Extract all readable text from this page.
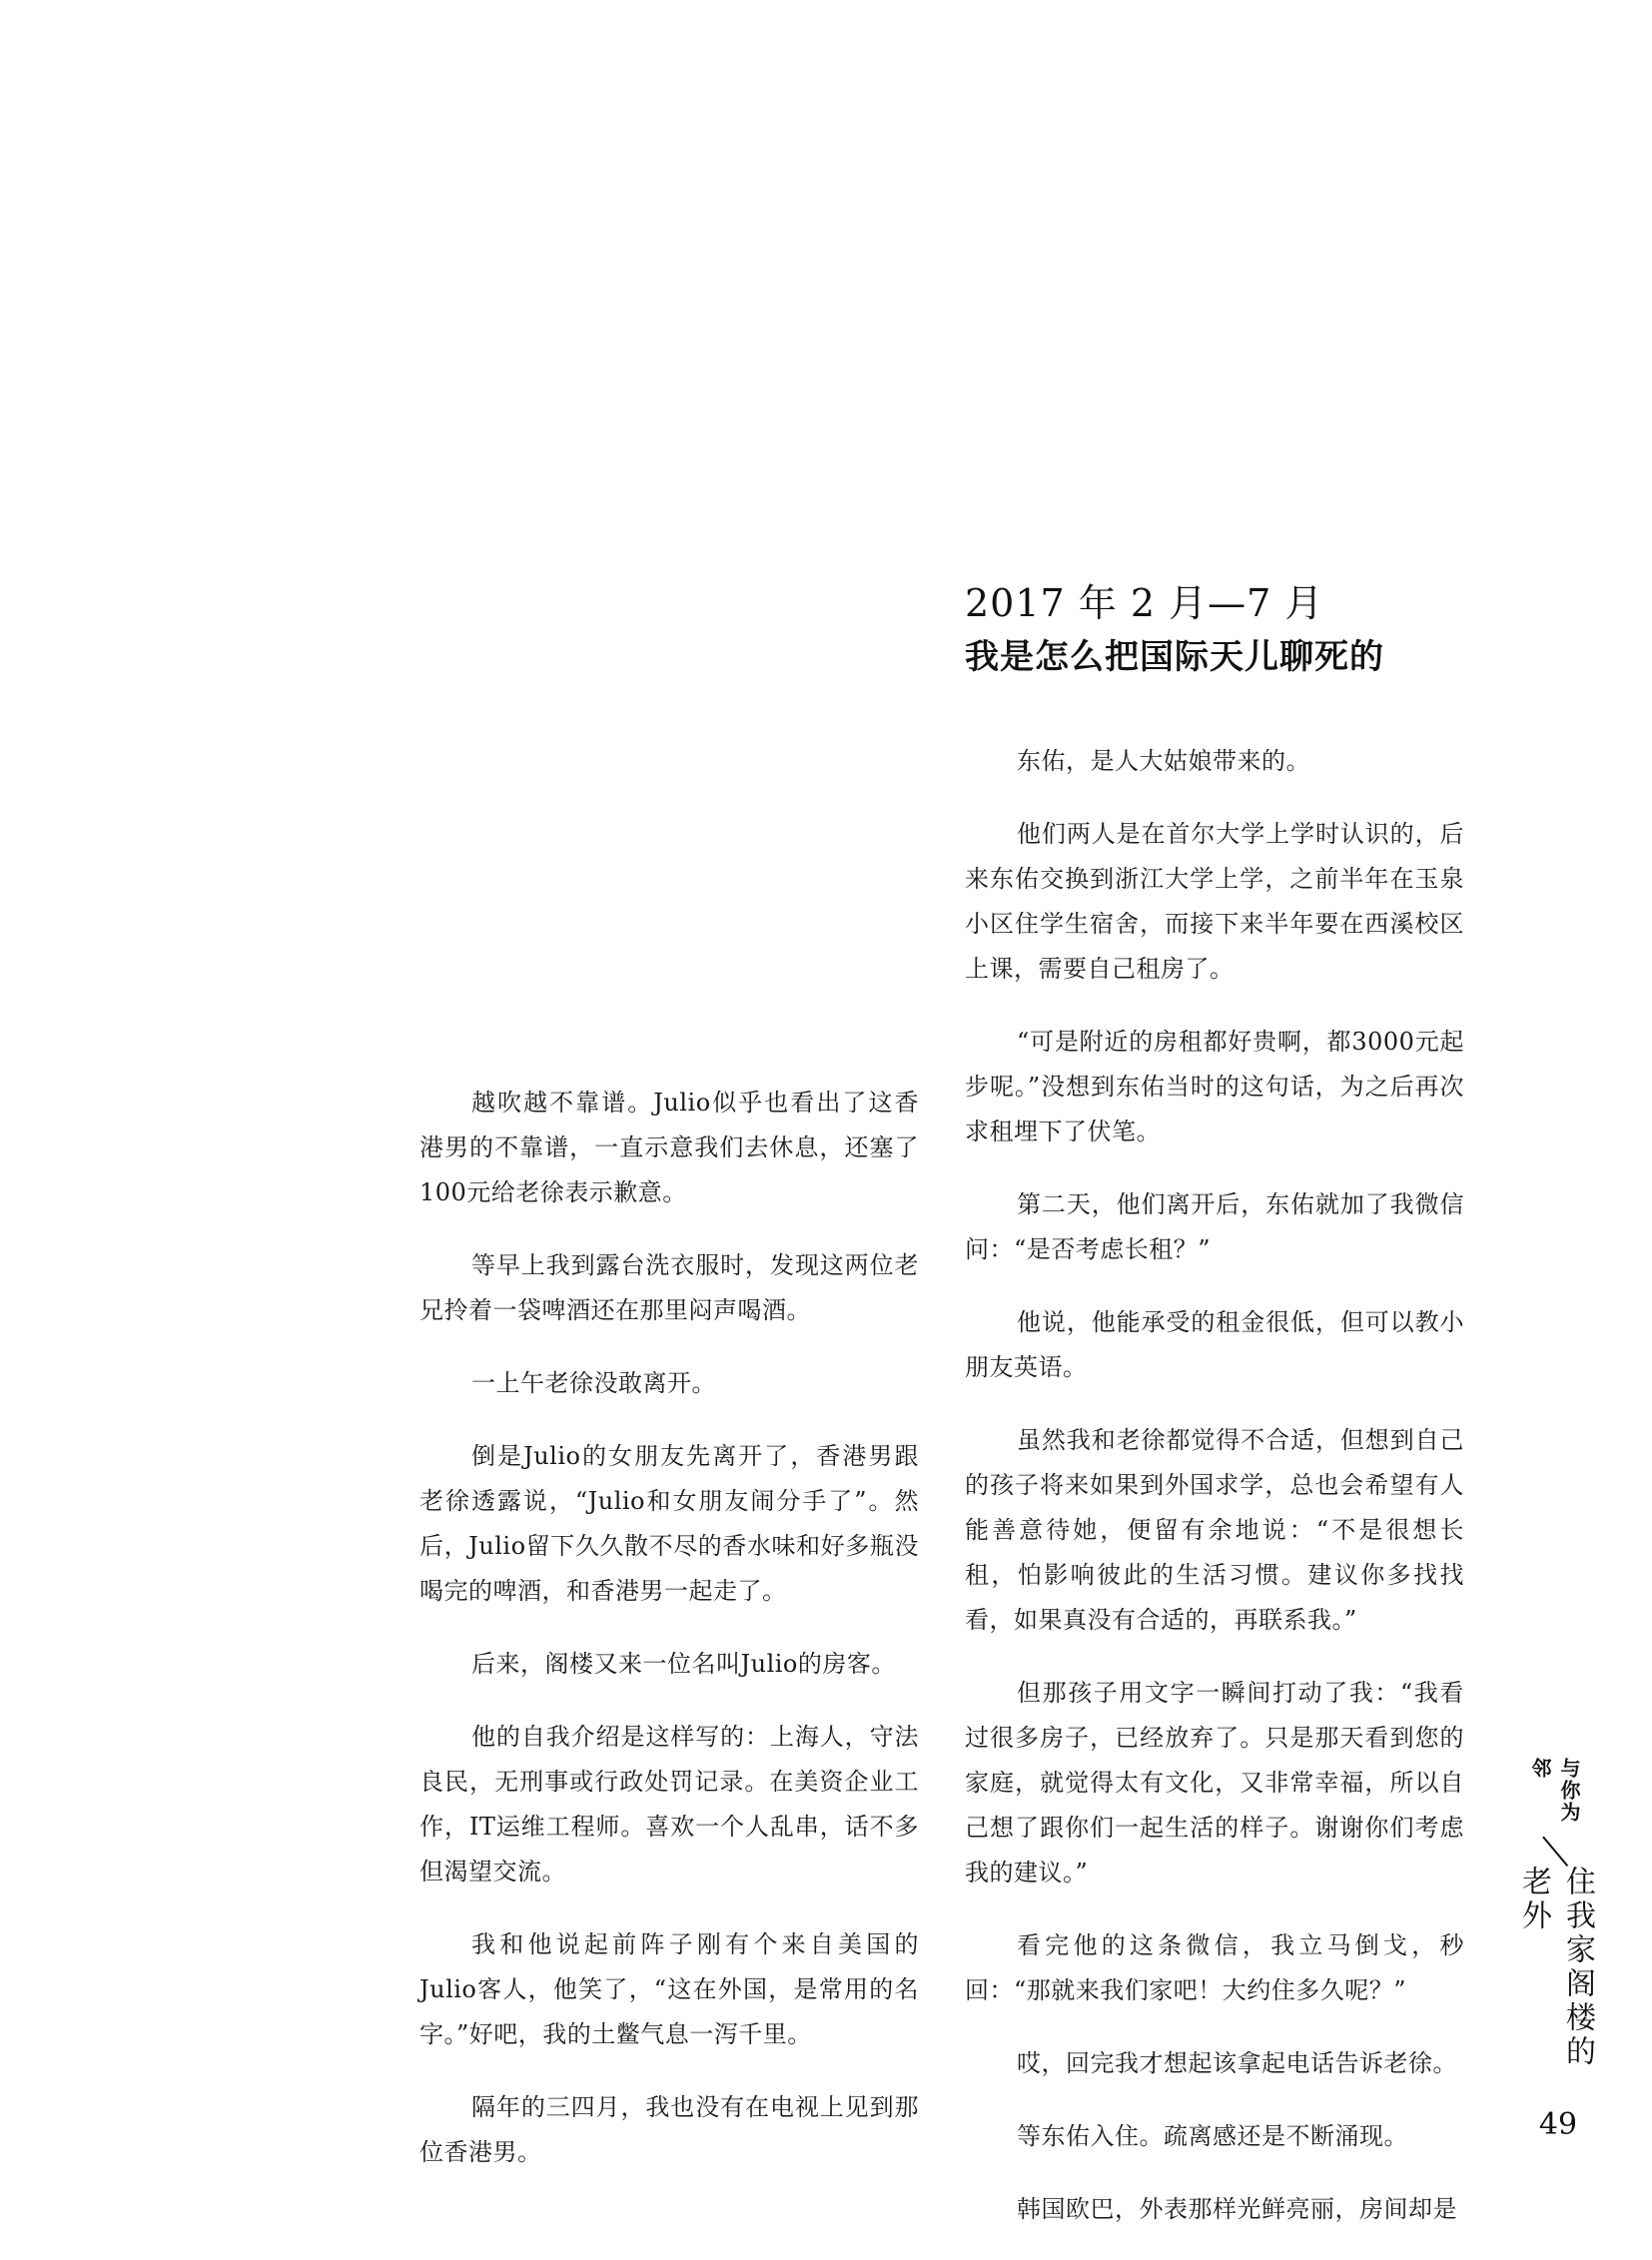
越吹越不靠谱。Julio似乎也看出了这香港男的不靠谱，一直示意我们去休息，还塞了100元给老徐表示歉意。

等早上我到露台洗衣服时，发现这两位老兄拎着一袋啤酒还在那里闷声喝酒。

一上午老徐没敢离开。

倒是Julio的女朋友先离开了，香港男跟老徐透露说，“Julio和女朋友闹分手了”。然后，Julio留下久久散不尽的香水味和好多瓶没喝完的啤酒，和香港男一起走了。

后来，阁楼又来一位名叫Julio的房客。

他的自我介绍是这样写的：上海人，守法良民，无刑事或行政处罚记录。在美资企业工作，IT运维工程师。喜欢一个人乱串，话不多但渴望交流。

我和他说起前阵子刚有个来自美国的Julio客人，他笑了，“这在外国，是常用的名字。”好吧，我的土鳖气息一泻千里。

隔年的三四月，我也没有在电视上见到那位香港男。

2017 年 2 月—7 月
我是怎么把国际天儿聊死的

东佑，是人大姑娘带来的。

他们两人是在首尔大学上学时认识的，后来东佑交换到浙江大学上学，之前半年在玉泉小区住学生宿舍，而接下来半年要在西溪校区上课，需要自己租房了。

“可是附近的房租都好贵啊，都3000元起步呢。”没想到东佑当时的这句话，为之后再次求租埋下了伏笔。

第二天，他们离开后，东佑就加了我微信问：“是否考虑长租？”

他说，他能承受的租金很低，但可以教小朋友英语。

虽然我和老徐都觉得不合适，但想到自己的孩子将来如果到外国求学，总也会希望有人能善意待她，便留有余地说：“不是很想长租，怕影响彼此的生活习惯。建议你多找找看，如果真没有合适的，再联系我。”

但那孩子用文字一瞬间打动了我：“我看过很多房子，已经放弃了。只是那天看到您的家庭，就觉得太有文化，又非常幸福，所以自己想了跟你们一起生活的样子。谢谢你们考虑我的建议。”

看完他的这条微信，我立马倒戈，秒回：“那就来我们家吧！大约住多久呢？”

哎，回完我才想起该拿起电话告诉老徐。

等东佑入住。疏离感还是不断涌现。

韩国欧巴，外表那样光鲜亮丽，房间却是

与你为邻
住我家阁楼的老外
49
